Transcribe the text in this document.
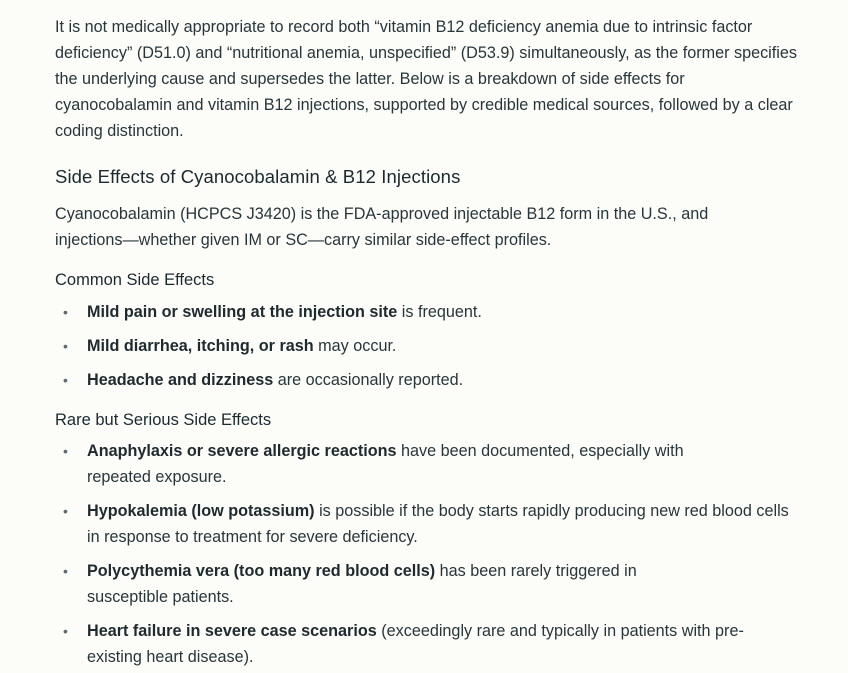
It is not medically appropriate to record both “vitamin B12 deficiency anemia due to intrinsic factor deficiency” (D51.0) and “nutritional anemia, unspecified” (D53.9) simultaneously, as the former specifies the underlying cause and supersedes the latter. Below is a breakdown of side effects for cyanocobalamin and vitamin B12 injections, supported by credible medical sources, followed by a clear coding distinction.

Side Effects of Cyanocobalamin & B12 Injections

Cyanocobalamin (HCPCS J3420) is the FDA-approved injectable B12 form in the U.S., and injections—whether given IM or SC—carry similar side-effect profiles.

Common Side Effects
• Mild pain or swelling at the injection site is frequent.
• Mild diarrhea, itching, or rash may occur.
• Headache and dizziness are occasionally reported.
Rare but Serious Side Effects
• Anaphylaxis or severe allergic reactions have been documented, especially with repeated exposure.
• Hypokalemia (low potassium) is possible if the body starts rapidly producing new red blood cells in response to treatment for severe deficiency.
• Polycythemia vera (too many red blood cells) has been rarely triggered in susceptible patients.
• Heart failure in severe case scenarios (exceedingly rare and typically in patients with pre-existing heart disease).
